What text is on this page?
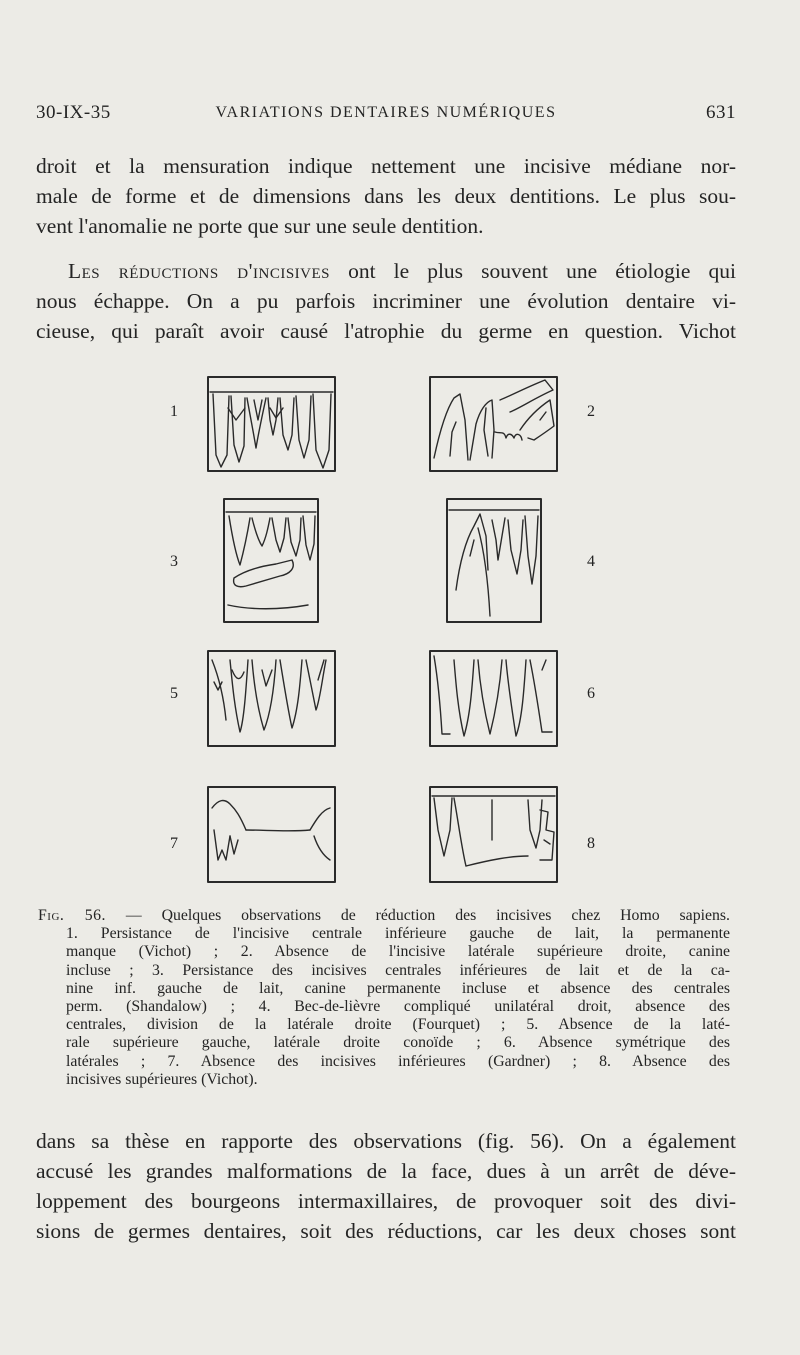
30-IX-35	VARIATIONS DENTAIRES NUMÉRIQUES	631
droit et la mensuration indique nettement une incisive médiane nor-
male de forme et de dimensions dans les deux dentitions. Le plus sou-
vent l'anomalie ne porte que sur une seule dentition.
Les réductions d'incisives ont le plus souvent une étiologie qui
nous échappe. On a pu parfois incriminer une évolution dentaire vi-
cieuse, qui paraît avoir causé l'atrophie du germe en question. Vichot
1	2
3	4
5	6
7	8
Fig. 56. — Quelques observations de réduction des incisives chez Homo sapiens.
1. Persistance de l'incisive centrale inférieure gauche de lait, la permanente
manque (Vichot) ; 2. Absence de l'incisive latérale supérieure droite, canine
incluse ; 3. Persistance des incisives centrales inférieures de lait et de la ca-
nine inf. gauche de lait, canine permanente incluse et absence des centrales
perm. (Shandalow) ; 4. Bec-de-lièvre compliqué unilatéral droit, absence des
centrales, division de la latérale droite (Fourquet) ; 5. Absence de la laté-
rale supérieure gauche, latérale droite conoïde ; 6. Absence symétrique des
latérales ; 7. Absence des incisives inférieures (Gardner) ; 8. Absence des
incisives supérieures (Vichot).
dans sa thèse en rapporte des observations (fig. 56). On a également
accusé les grandes malformations de la face, dues à un arrêt de déve-
loppement des bourgeons intermaxillaires, de provoquer soit des divi-
sions de germes dentaires, soit des réductions, car les deux choses sont
